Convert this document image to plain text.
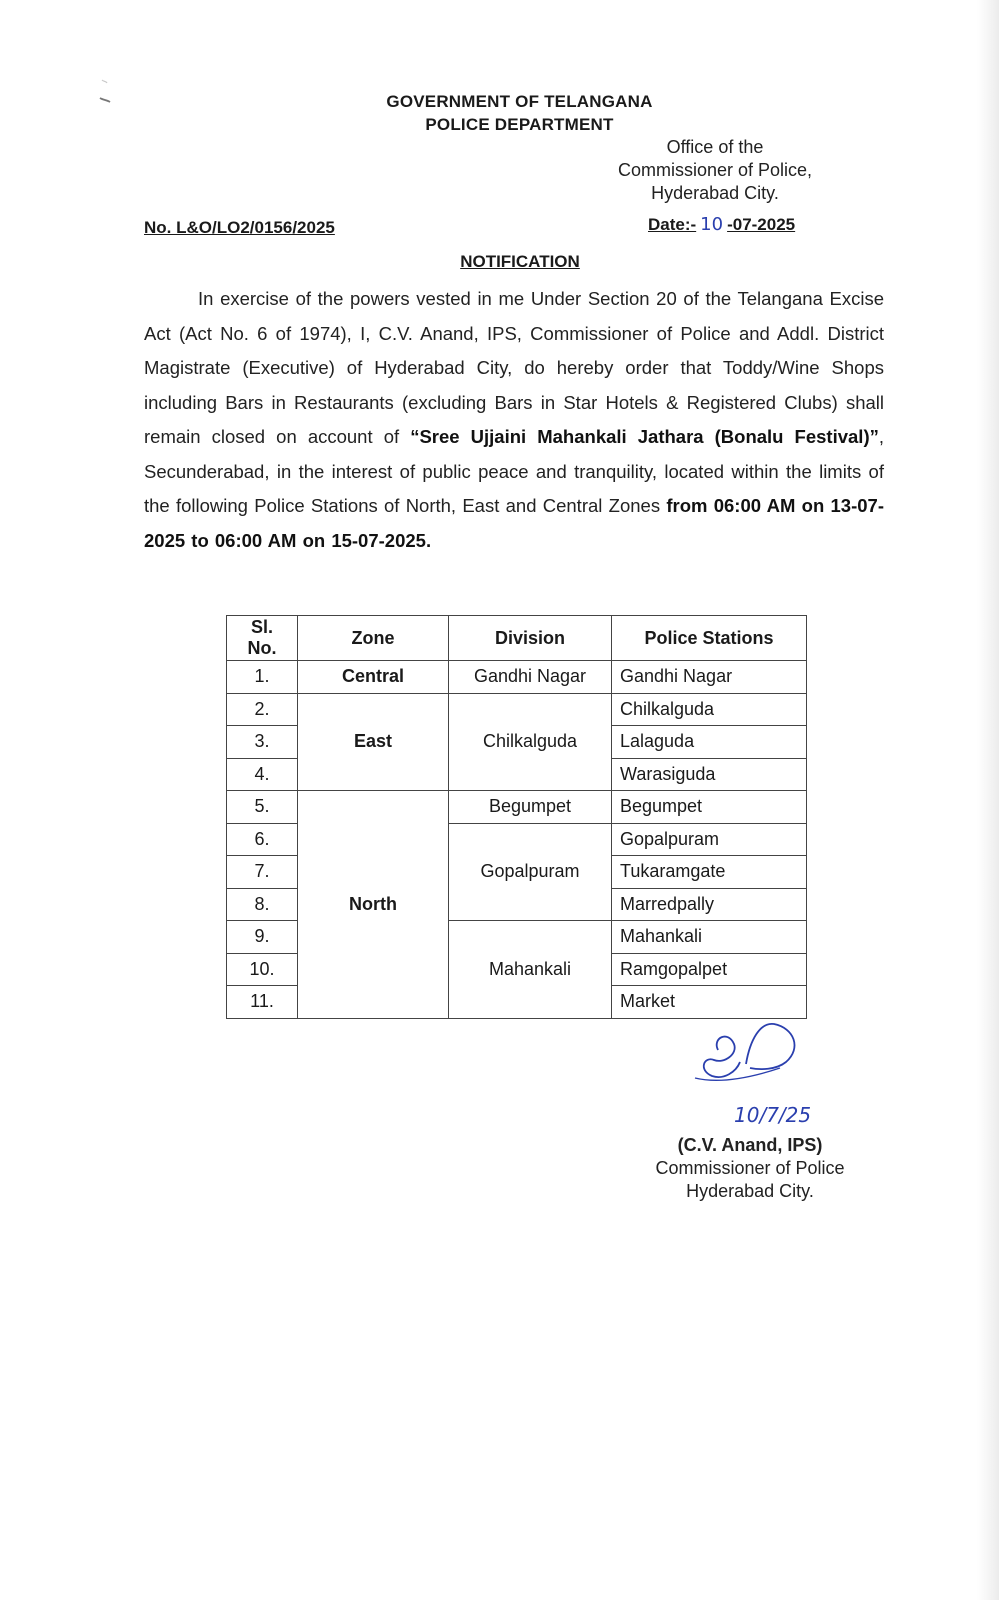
GOVERNMENT OF TELANGANA
POLICE DEPARTMENT
Office of the
Commissioner of Police,
Hyderabad City.
No. L&O/LO2/0156/2025	Date:- 10 -07-2025
NOTIFICATION
In exercise of the powers vested in me Under Section 20 of the Telangana Excise Act (Act No. 6 of 1974), I, C.V. Anand, IPS, Commissioner of Police and Addl. District Magistrate (Executive) of Hyderabad City, do hereby order that Toddy/Wine Shops including Bars in Restaurants (excluding Bars in Star Hotels & Registered Clubs) shall remain closed on account of “Sree Ujjaini Mahankali Jathara (Bonalu Festival)”, Secunderabad, in the interest of public peace and tranquility, located within the limits of the following Police Stations of North, East and Central Zones from 06:00 AM on 13-07-2025 to 06:00 AM on 15-07-2025.
Sl. No.	Zone	Division	Police Stations
1.	Central	Gandhi Nagar	Gandhi Nagar
2.	East	Chilkalguda	Chilkalguda
3.			Lalaguda
4.			Warasiguda
5.	North	Begumpet	Begumpet
6.		Gopalpuram	Gopalpuram
7.			Tukaramgate
8.			Marredpally
9.		Mahankali	Mahankali
10.			Ramgopalpet
11.			Market
10/7/25
(C.V. Anand, IPS)
Commissioner of Police
Hyderabad City.
